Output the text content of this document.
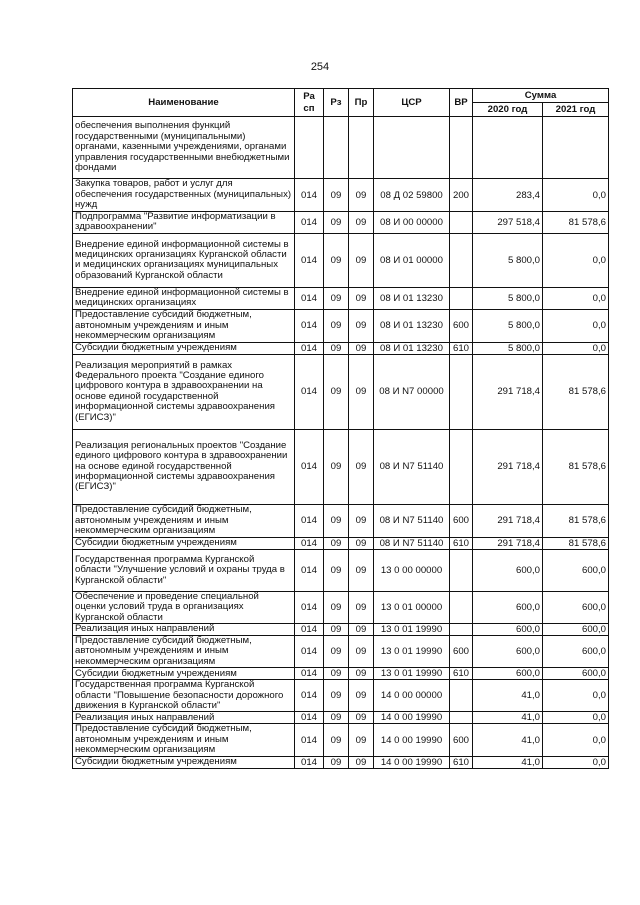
254
Наименование	Ра
сп	Рз	Пр	ЦСР	ВР	Сумма	
						2020 год	2021 год
обеспечения выполнения функций государственными (муниципальными) органами, казенными учреждениями, органами управления государственными внебюджетными фондами							
Закупка товаров, работ и услуг для обеспечения государственных (муниципальных) нужд	014	09	09	08 Д 02 59800	200	283,4	0,0
Подпрограмма "Развитие информатизации в здравоохранении"	014	09	09	08 И 00 00000		297 518,4	81 578,6
Внедрение единой информационной системы в медицинских организациях Курганской области и медицинских организациях муниципальных образований Курганской области	014	09	09	08 И 01 00000		5 800,0	0,0
Внедрение единой информационной системы в медицинских организациях	014	09	09	08 И 01 13230		5 800,0	0,0
Предоставление субсидий бюджетным, автономным учреждениям и иным некоммерческим организациям	014	09	09	08 И 01 13230	600	5 800,0	0,0
Субсидии бюджетным учреждениям	014	09	09	08 И 01 13230	610	5 800,0	0,0
Реализация мероприятий в рамках Федерального проекта "Создание единого цифрового контура в здравоохранении на основе единой государственной информационной системы здравоохранения (ЕГИСЗ)"	014	09	09	08 И N7 00000		291 718,4	81 578,6
Реализация региональных проектов "Создание единого цифрового контура в здравоохранении на основе единой государственной информационной системы здравоохранения (ЕГИСЗ)"	014	09	09	08 И N7 51140		291 718,4	81 578,6
Предоставление субсидий бюджетным, автономным учреждениям и иным некоммерческим организациям	014	09	09	08 И N7 51140	600	291 718,4	81 578,6
Субсидии бюджетным учреждениям	014	09	09	08 И N7 51140	610	291 718,4	81 578,6
Государственная программа Курганской области "Улучшение условий и охраны труда в Курганской области"	014	09	09	13 0 00 00000		600,0	600,0
Обеспечение и проведение специальной оценки условий труда в организациях Курганской области	014	09	09	13 0 01 00000		600,0	600,0
Реализация иных направлений	014	09	09	13 0 01 19990		600,0	600,0
Предоставление субсидий бюджетным, автономным учреждениям и иным некоммерческим организациям	014	09	09	13 0 01 19990	600	600,0	600,0
Субсидии бюджетным учреждениям	014	09	09	13 0 01 19990	610	600,0	600,0
Государственная программа Курганской области "Повышение безопасности дорожного движения в Курганской области"	014	09	09	14 0 00 00000		41,0	0,0
Реализация иных направлений	014	09	09	14 0 00 19990		41,0	0,0
Предоставление субсидий бюджетным, автономным учреждениям и иным некоммерческим организациям	014	09	09	14 0 00 19990	600	41,0	0,0
Субсидии бюджетным учреждениям	014	09	09	14 0 00 19990	610	41,0	0,0
